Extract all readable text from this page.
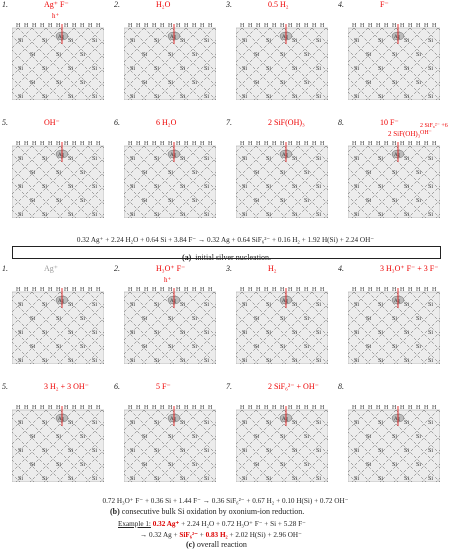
1.	Ag⁺ F⁻
h⁺
H H H H H H H H H H H
Si	Si	Si	Si
Si	Si	Si
Si	Si	Si	Si
Si	Si	Si
Si	Si	Si	Si
Ag
2.	H₂O
H H H H H H H H H H H
Si	Si	Si	Si
Si	Si	Si
Si	Si	Si	Si
Si	Si	Si
Si	Si	Si	Si
Ag
3.	0.5 H₂
H H H H H H H H H H H
Si	Si	Si	Si
Si	Si	Si
Si	Si	Si	Si
Si	Si	Si
Si	Si	Si	Si
Ag
4.	F⁻
H H H H H H H H H H H
Si	Si	Si	Si
Si	Si	Si
Si	Si	Si	Si
Si	Si	Si
Si	Si	Si	Si
Ag
5.	OH⁻
H H H H H H H H H H H
Si	Si	Si	Si
Si	Si	Si
Si	Si	Si	Si
Si	Si	Si
Si	Si	Si	Si
Ag
6.	6 H₂O
H H H H H H H H H H H
Si	Si	Si	Si
Si	Si	Si
Si	Si	Si	Si
Si	Si	Si
Si	Si	Si	Si
Ag
7.	2 SiF(OH)₃
H H H H H H H H H H H
Si	Si	Si	Si
Si	Si	Si
Si	Si	Si	Si
Si	Si	Si
Si	Si	Si	Si
Ag
8.	10 F⁻
2 SiF(OH)₃
2 SiF₆²⁻ +6 OH⁻
H H H H H H H H H H H
Si	Si	Si	Si
Si	Si	Si
Si	Si	Si	Si
Si	Si	Si
Si	Si	Si	Si
Ag
0.32 Ag⁺ + 2.24 H₂O + 0.64 Si + 3.84 F⁻ → 0.32 Ag + 0.64 SiF₆²⁻ + 0.16 H₂ + 1.92 H(Si) + 2.24 OH⁻
(a) initial silver nucleation.
1.	Ag⁺
H H H H H H H H H H H
Si	Si	Si	Si
Si	Si	Si
Si	Si	Si	Si
Si	Si	Si
Si	Si	Si	Si
Ag
2.	H₃O⁺ F⁻
h⁺
H H H H H H H H H H H
Si	Si	Si	Si
Si	Si	Si
Si	Si	Si	Si
Si	Si	Si
Si	Si	Si	Si
Ag
3.	H₂
H H H H H H H H H H H
Si	Si	Si	Si
Si	Si	Si
Si	Si	Si	Si
Si	Si	Si
Si	Si	Si	Si
Ag
4.	3 H₃O⁺ F⁻ + 3 F⁻
H H H H H H H H H H H
Si	Si	Si	Si
Si	Si	Si
Si	Si	Si	Si
Si	Si	Si
Si	Si	Si	Si
Ag
5.	3 H₂ + 3 OH⁻
H H H H H H H H H H H
Si	Si	Si	Si
Si	Si	Si
Si	Si	Si	Si
Si	Si	Si
Si	Si	Si	Si
Ag
6.	5 F⁻
H H H H H H H H H H H
Si	Si	Si	Si
Si	Si	Si
Si	Si	Si	Si
Si	Si	Si
Si	Si	Si	Si
Ag
7.	2 SiF₆²⁻ + OH⁻
H H H H H H H H H H H
Si	Si	Si	Si
Si	Si	Si
Si	Si	Si	Si
Si	Si	Si
Si	Si	Si	Si
Ag
8.
H H H H H H H H H H H
Si	Si	Si	Si
Si	Si	Si
Si	Si	Si	Si
Si	Si	Si
Si	Si	Si	Si
Ag
0.72 H₃O⁺ F⁻ + 0.36 Si + 1.44 F⁻ → 0.36 SiF₆²⁻ + 0.67 H₂ + 0.10 H(Si) + 0.72 OH⁻
(b) consecutive bulk Si oxidation by oxonium-ion reduction.
Example 1: 0.32 Ag⁺ + 2.24 H₂O + 0.72 H₃O⁺ F⁻ + Si + 5.28 F⁻
→ 0.32 Ag + SiF₆²⁻ + 0.83 H₂ + 2.02 H(Si) + 2.96 OH⁻
(c) overall reaction
